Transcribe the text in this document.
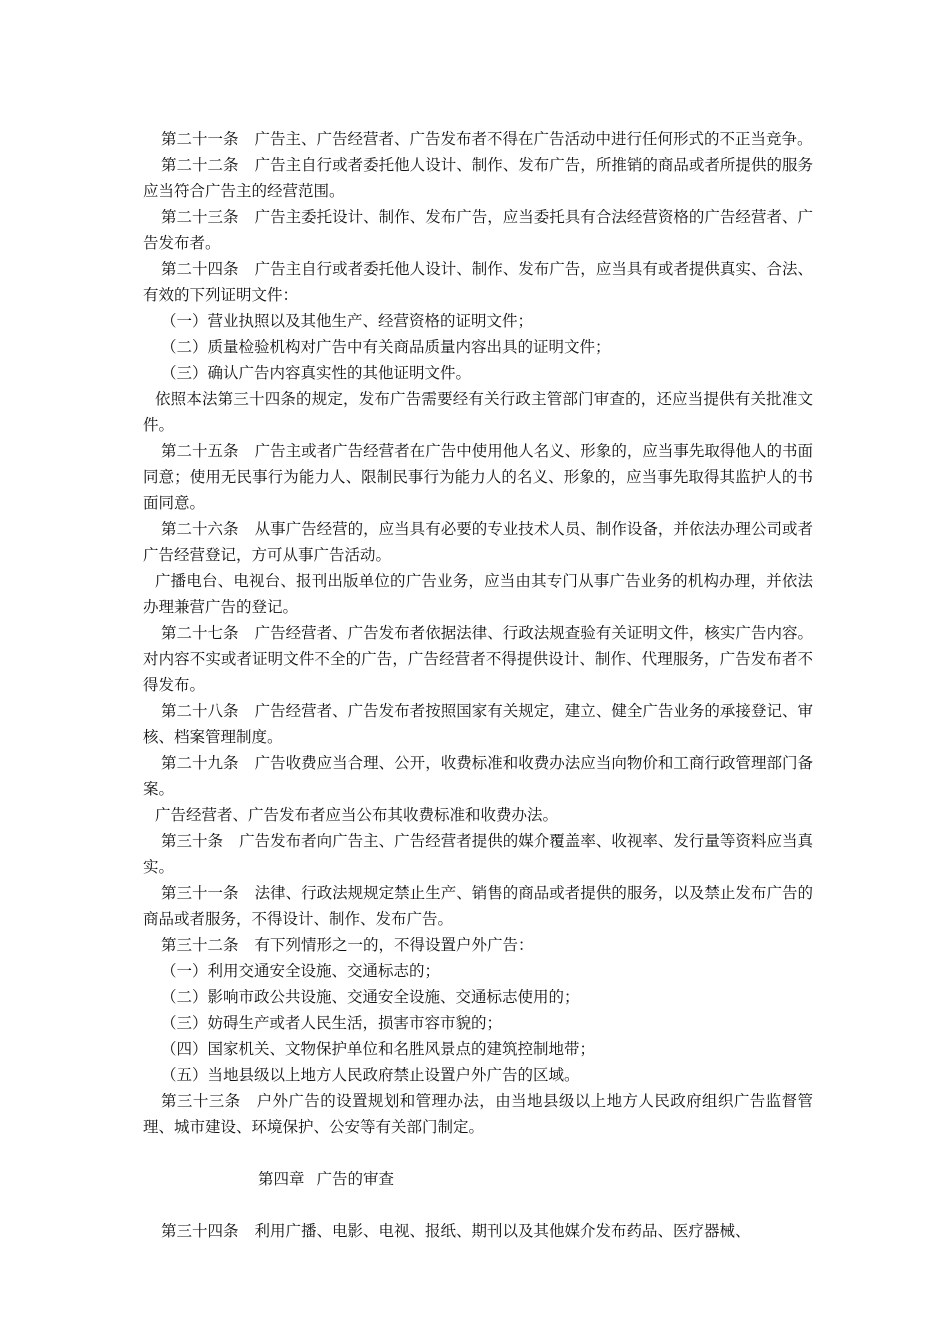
第二十一条 广告主、广告经营者、广告发布者不得在广告活动中进行任何形式的不正当竞争。

第二十二条 广告主自行或者委托他人设计、制作、发布广告，所推销的商品或者所提供的服务应当符合广告主的经营范围。

第二十三条 广告主委托设计、制作、发布广告，应当委托具有合法经营资格的广告经营者、广告发布者。

第二十四条 广告主自行或者委托他人设计、制作、发布广告，应当具有或者提供真实、合法、有效的下列证明文件：

（一）营业执照以及其他生产、经营资格的证明文件；

（二）质量检验机构对广告中有关商品质量内容出具的证明文件；

（三）确认广告内容真实性的其他证明文件。

依照本法第三十四条的规定，发布广告需要经有关行政主管部门审查的，还应当提供有关批准文件。

第二十五条 广告主或者广告经营者在广告中使用他人名义、形象的，应当事先取得他人的书面同意；使用无民事行为能力人、限制民事行为能力人的名义、形象的，应当事先取得其监护人的书面同意。

第二十六条 从事广告经营的，应当具有必要的专业技术人员、制作设备，并依法办理公司或者广告经营登记，方可从事广告活动。

广播电台、电视台、报刊出版单位的广告业务，应当由其专门从事广告业务的机构办理，并依法办理兼营广告的登记。

第二十七条 广告经营者、广告发布者依据法律、行政法规查验有关证明文件，核实广告内容。对内容不实或者证明文件不全的广告，广告经营者不得提供设计、制作、代理服务，广告发布者不得发布。

第二十八条 广告经营者、广告发布者按照国家有关规定，建立、健全广告业务的承接登记、审核、档案管理制度。

第二十九条 广告收费应当合理、公开，收费标准和收费办法应当向物价和工商行政管理部门备案。

广告经营者、广告发布者应当公布其收费标准和收费办法。

第三十条 广告发布者向广告主、广告经营者提供的媒介覆盖率、收视率、发行量等资料应当真实。

第三十一条 法律、行政法规规定禁止生产、销售的商品或者提供的服务，以及禁止发布广告的商品或者服务，不得设计、制作、发布广告。

第三十二条 有下列情形之一的，不得设置户外广告：

（一）利用交通安全设施、交通标志的；

（二）影响市政公共设施、交通安全设施、交通标志使用的；

（三）妨碍生产或者人民生活，损害市容市貌的；

（四）国家机关、文物保护单位和名胜风景点的建筑控制地带；

（五）当地县级以上地方人民政府禁止设置户外广告的区域。

第三十三条 户外广告的设置规划和管理办法，由当地县级以上地方人民政府组织广告监督管理、城市建设、环境保护、公安等有关部门制定。

第四章 广告的审查

第三十四条 利用广播、电影、电视、报纸、期刊以及其他媒介发布药品、医疗器械、
